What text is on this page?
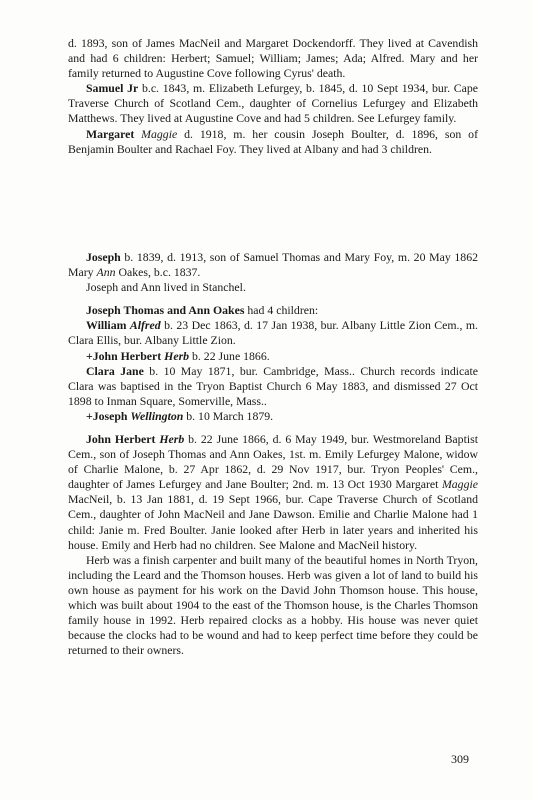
d. 1893, son of James MacNeil and Margaret Dockendorff. They lived at Cavendish and had 6 children: Herbert; Samuel; William; James; Ada; Alfred. Mary and her family returned to Augustine Cove following Cyrus' death.

Samuel Jr b.c. 1843, m. Elizabeth Lefurgey, b. 1845, d. 10 Sept 1934, bur. Cape Traverse Church of Scotland Cem., daughter of Cornelius Lefurgey and Elizabeth Matthews. They lived at Augustine Cove and had 5 children. See Lefurgey family.

Margaret Maggie d. 1918, m. her cousin Joseph Boulter, d. 1896, son of Benjamin Boulter and Rachael Foy. They lived at Albany and had 3 children.

Joseph b. 1839, d. 1913, son of Samuel Thomas and Mary Foy, m. 20 May 1862 Mary Ann Oakes, b.c. 1837.

Joseph and Ann lived in Stanchel.

Joseph Thomas and Ann Oakes had 4 children:

William Alfred b. 23 Dec 1863, d. 17 Jan 1938, bur. Albany Little Zion Cem., m. Clara Ellis, bur. Albany Little Zion.

+John Herbert Herb b. 22 June 1866.

Clara Jane b. 10 May 1871, bur. Cambridge, Mass.. Church records indicate Clara was baptised in the Tryon Baptist Church 6 May 1883, and dismissed 27 Oct 1898 to Inman Square, Somerville, Mass..

+Joseph Wellington b. 10 March 1879.

John Herbert Herb b. 22 June 1866, d. 6 May 1949, bur. Westmoreland Baptist Cem., son of Joseph Thomas and Ann Oakes, 1st. m. Emily Lefurgey Malone, widow of Charlie Malone, b. 27 Apr 1862, d. 29 Nov 1917, bur. Tryon Peoples' Cem., daughter of James Lefurgey and Jane Boulter; 2nd. m. 13 Oct 1930 Margaret Maggie MacNeil, b. 13 Jan 1881, d. 19 Sept 1966, bur. Cape Traverse Church of Scotland Cem., daughter of John MacNeil and Jane Dawson. Emilie and Charlie Malone had 1 child: Janie m. Fred Boulter. Janie looked after Herb in later years and inherited his house. Emily and Herb had no children. See Malone and MacNeil history.

Herb was a finish carpenter and built many of the beautiful homes in North Tryon, including the Leard and the Thomson houses. Herb was given a lot of land to build his own house as payment for his work on the David John Thomson house. This house, which was built about 1904 to the east of the Thomson house, is the Charles Thomson family house in 1992. Herb repaired clocks as a hobby. His house was never quiet because the clocks had to be wound and had to keep perfect time before they could be returned to their owners.

309
